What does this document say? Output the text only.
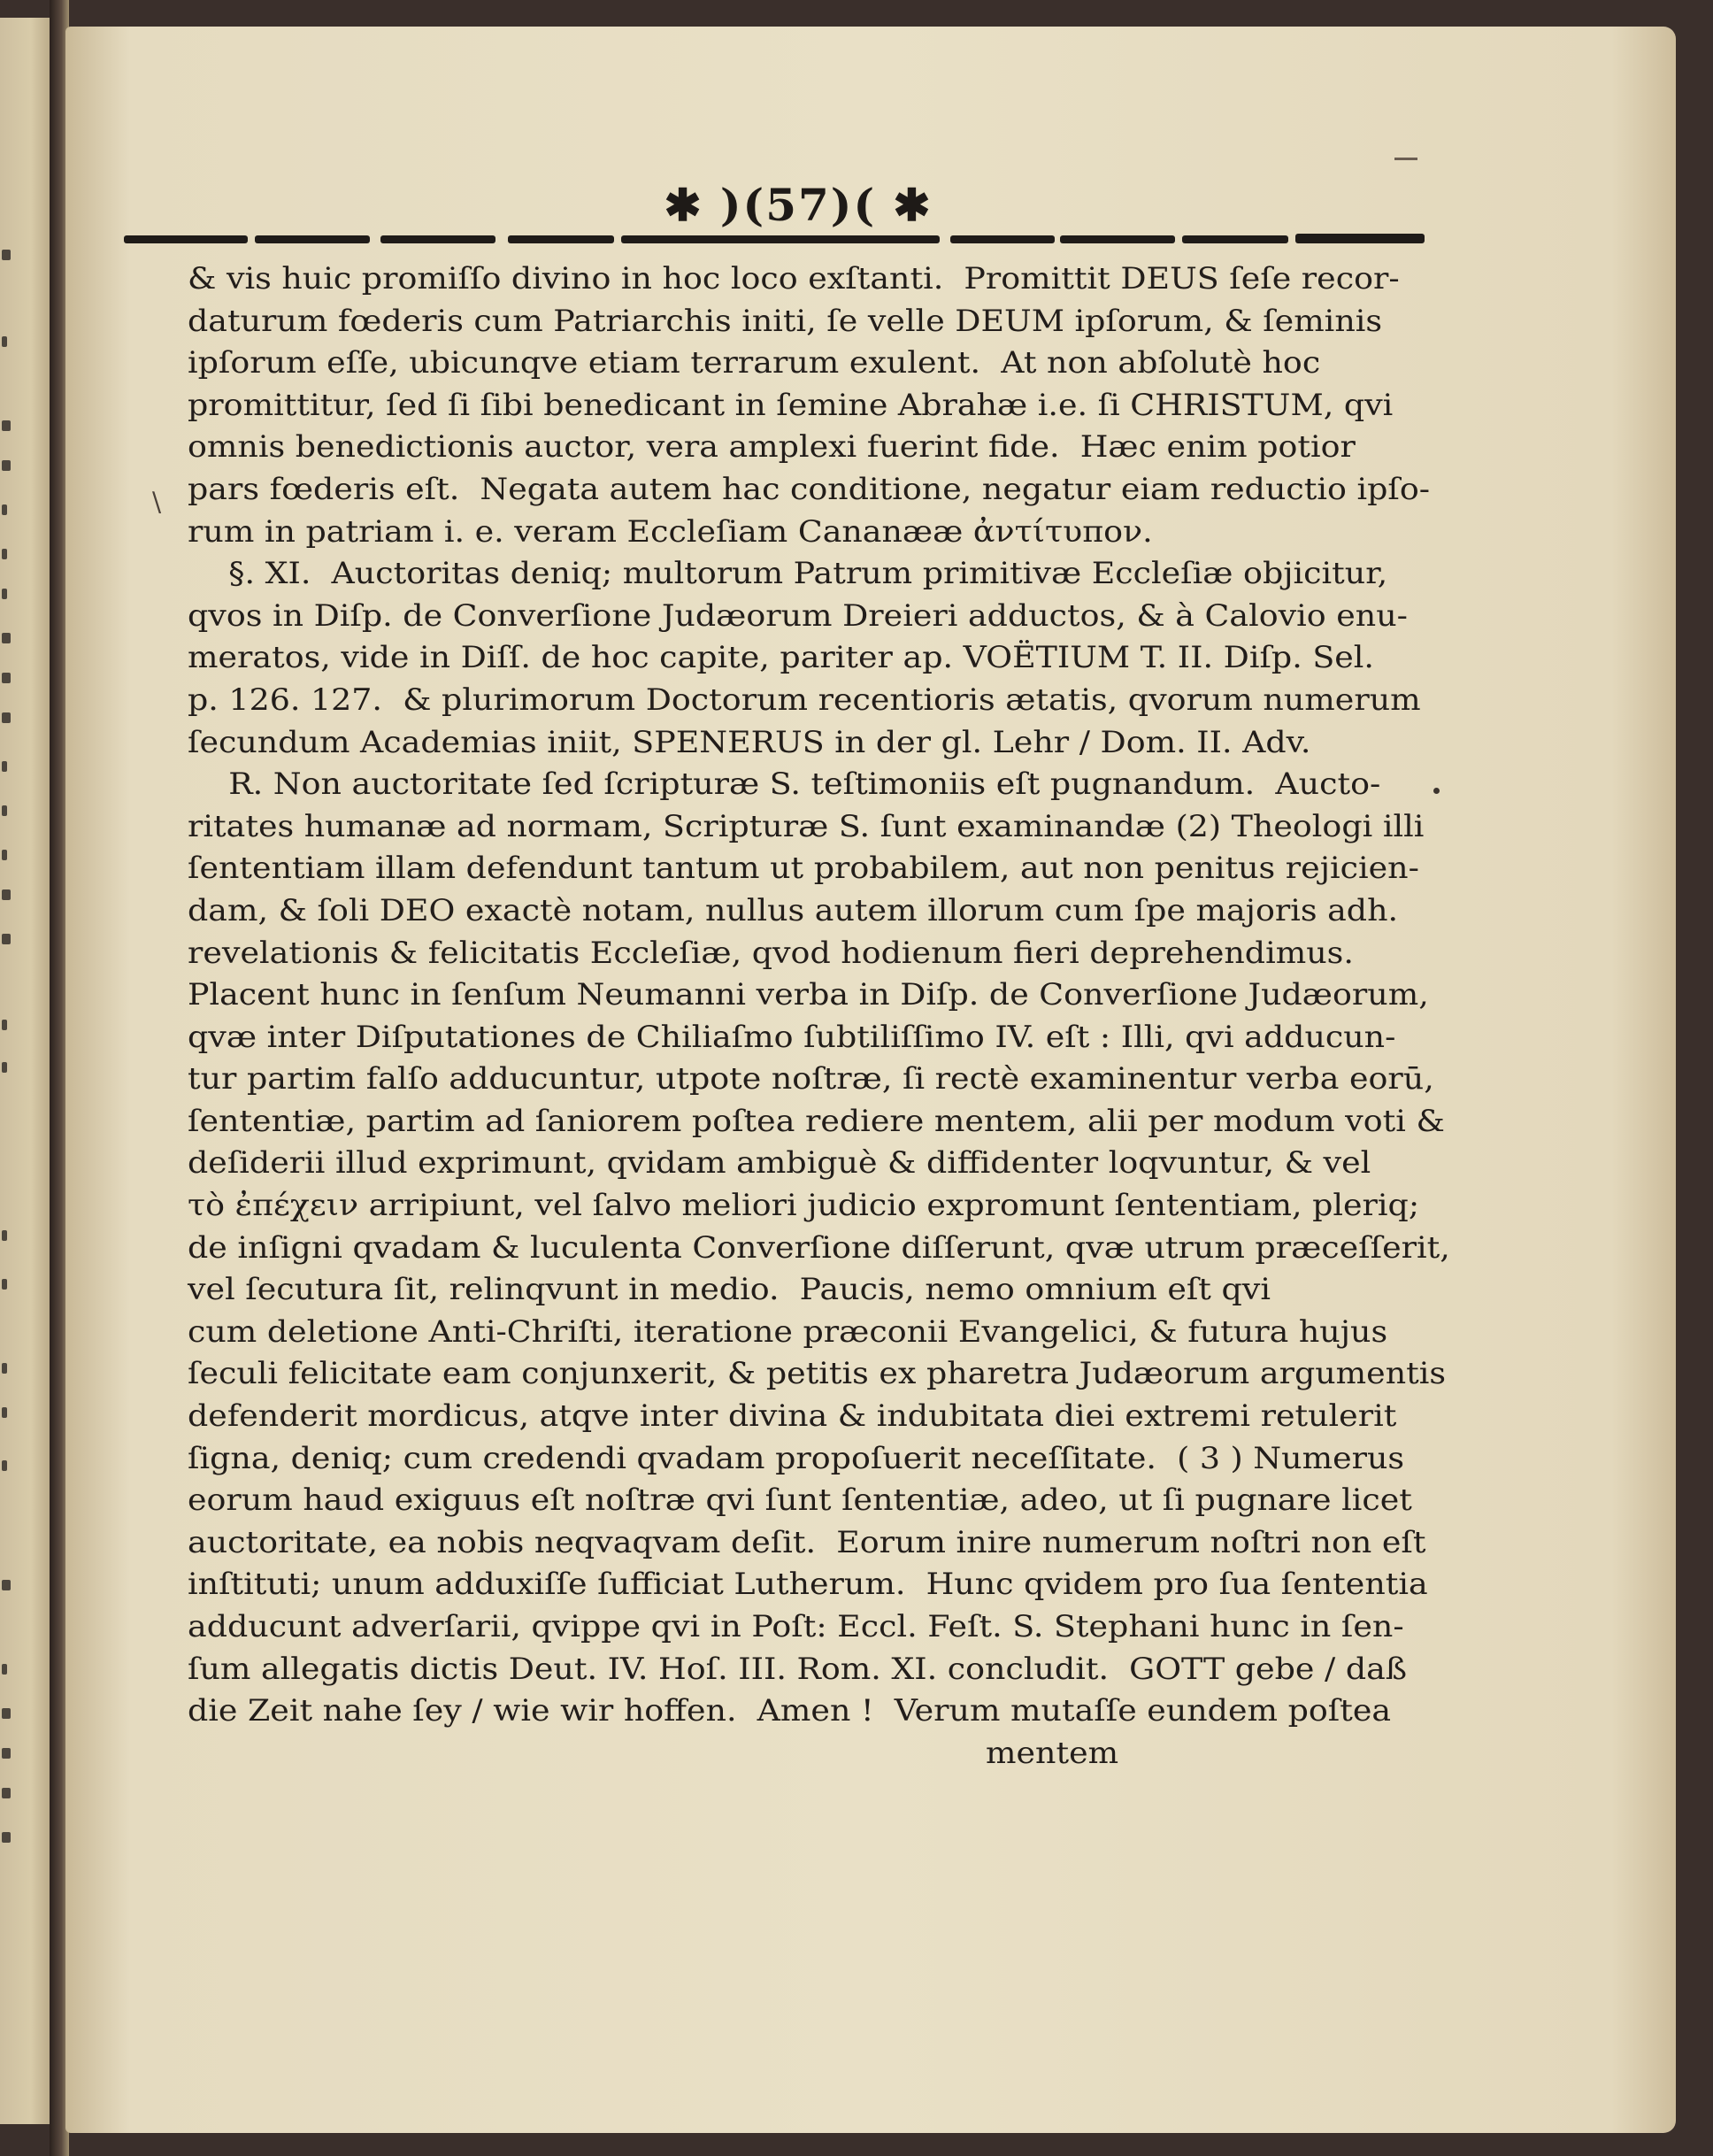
✱ )(57)( ✱
\
& vis huic promiſſo divino in hoc loco exſtanti.  Promittit DEUS ſeſe recor-
daturum fœderis cum Patriarchis initi, ſe velle DEUM ipſorum, & ſeminis
ipſorum eſſe, ubicunqve etiam terrarum exulent.  At non abſolutè hoc
promittitur, ſed ſi ſibi benedicant in ſemine Abrahæ i.e. ſi CHRISTUM, qvi
omnis benedictionis auctor, vera amplexi fuerint fide.  Hæc enim potior
pars fœderis eſt.  Negata autem hac conditione, negatur eiam reductio ipſo-
rum in patriam i. e. veram Eccleſiam Cananææ ἀντίτυπον.
§. XI.  Auctoritas deniq; multorum Patrum primitivæ Eccleſiæ objicitur,
qvos in Diſp. de Converſione Judæorum Dreieri adductos, & à Calovio enu-
meratos, vide in Diſſ. de hoc capite, pariter ap. VOËTIUM T. II. Diſp. Sel.
p. 126. 127.  & plurimorum Doctorum recentioris ætatis, qvorum numerum
ſecundum Academias iniit, SPENERUS in der gl. Lehr / Dom. II. Adv.
R. Non auctoritate ſed ſcripturæ S. teſtimoniis eſt pugnandum.  Aucto-
ritates humanæ ad normam, Scripturæ S. ſunt examinandæ (2) Theologi illi
ſententiam illam defendunt tantum ut probabilem, aut non penitus rejicien-
dam, & ſoli DEO exactè notam, nullus autem illorum cum ſpe majoris adh.
revelationis & felicitatis Eccleſiæ, qvod hodienum fieri deprehendimus.
Placent hunc in ſenſum Neumanni verba in Diſp. de Converſione Judæorum,
qvæ inter Diſputationes de Chiliaſmo ſubtiliſſimo IV. eſt : Illi, qvi adducun-
tur partim falſo adducuntur, utpote noſtræ, ſi rectè examinentur verba eorū,
ſententiæ, partim ad ſaniorem poſtea rediere mentem, alii per modum voti &
deſiderii illud exprimunt, qvidam ambiguè & diffidenter loqvuntur, & vel
τὸ ἐπέχειν arripiunt, vel ſalvo meliori judicio expromunt ſententiam, pleriq;
de inſigni qvadam & luculenta Converſione diſſerunt, qvæ utrum præceſſerit,
vel ſecutura ſit, relinqvunt in medio.  Paucis, nemo omnium eſt qvi
cum deletione Anti-Chriſti, iteratione præconii Evangelici, & futura hujus
ſeculi felicitate eam conjunxerit, & petitis ex pharetra Judæorum argumentis
defenderit mordicus, atqve inter divina & indubitata diei extremi retulerit
ſigna, deniq; cum credendi qvadam propoſuerit neceſſitate.  ( 3 ) Numerus
eorum haud exiguus eſt noſtræ qvi ſunt ſententiæ, adeo, ut ſi pugnare licet
auctoritate, ea nobis neqvaqvam deſit.  Eorum inire numerum noſtri non eſt
inſtituti; unum adduxiſſe ſufficiat Lutherum.  Hunc qvidem pro ſua ſententia
adducunt adverſarii, qvippe qvi in Poſt: Eccl. Feſt. S. Stephani hunc in ſen-
ſum allegatis dictis Deut. IV. Hoſ. III. Rom. XI. concludit.  GOTT gebe / daß
die Zeit nahe ſey / wie wir hoffen.  Amen !  Verum mutaſſe eundem poſtea
mentem
